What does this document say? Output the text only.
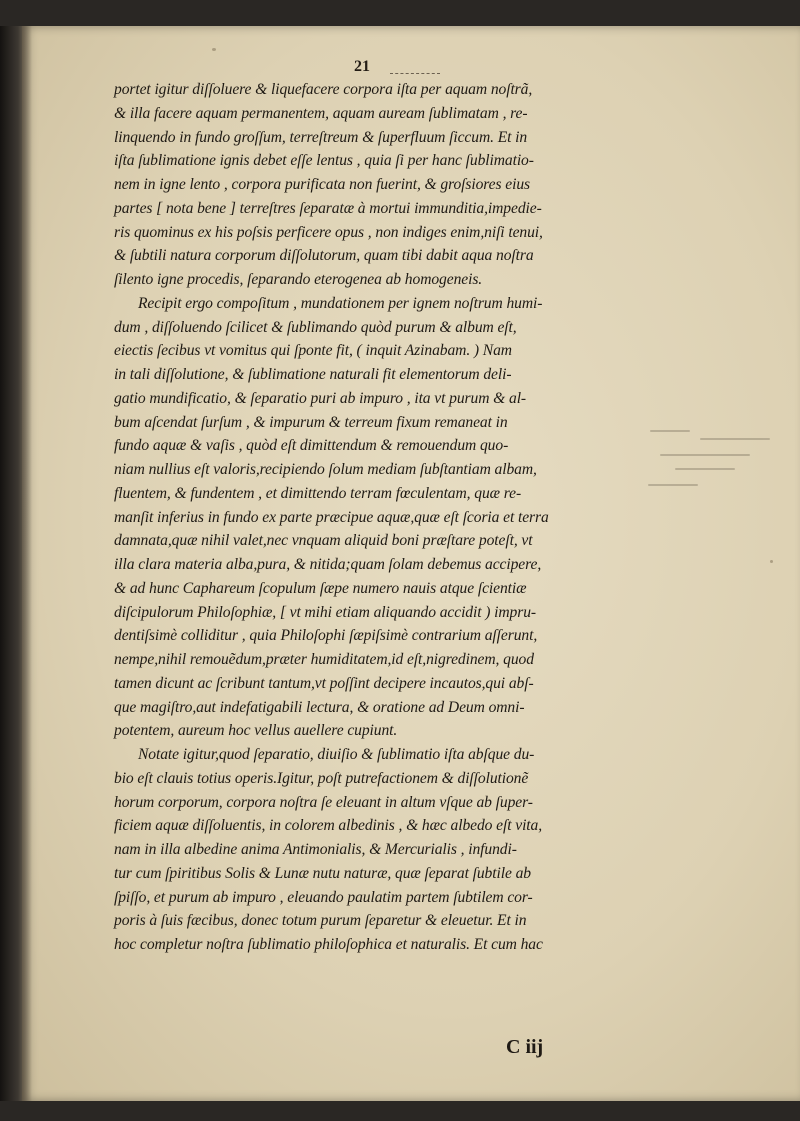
21
portet igitur diſſoluere & liquefacere corpora iſta per aquam noſtrã,
& illa facere aquam permanentem, aquam auream ſublimatam , re-
linquendo in fundo groſſum, terreſtreum & ſuperfluum ſiccum. Et in
iſta ſublimatione ignis debet eſſe lentus , quia ſi per hanc ſublimatio-
nem in igne lento , corpora purificata non fuerint, & groſsiores eius
partes [ nota bene ] terreſtres ſeparatæ à mortui immunditia,impedie-
ris quominus ex his poſsis perficere opus , non indiges enim,niſi tenui,
& ſubtili natura corporum diſſolutorum, quam tibi dabit aqua noſtra
ſilento igne procedis, ſeparando eterogenea ab homogeneis.
Recipit ergo compoſitum , mundationem per ignem noſtrum humi-
dum , diſſoluendo ſcilicet & ſublimando quòd purum & album eſt,
eiectis ſecibus vt vomitus qui ſponte fit, ( inquit Azinabam. ) Nam
in tali diſſolutione, & ſublimatione naturali fit elementorum deli-
gatio mundificatio, & ſeparatio puri ab impuro , ita vt purum & al-
bum aſcendat ſurſum , & impurum & terreum fixum remaneat in
fundo aquæ & vaſis , quòd eſt dimittendum & remouendum quo-
niam nullius eſt valoris,recipiendo ſolum mediam ſubſtantiam albam,
fluentem, & fundentem , et dimittendo terram fœculentam, quæ re-
manſit inferius in fundo ex parte præcipue aquæ,quæ eſt ſcoria et terra
damnata,quæ nihil valet,nec vnquam aliquid boni præſtare poteſt, vt
illa clara materia alba,pura, & nitida;quam ſolam debemus accipere,
& ad hunc Caphareum ſcopulum ſæpe numero nauis atque ſcientiæ
diſcipulorum Philoſophiæ, [ vt mihi etiam aliquando accidit ) impru-
dentiſsimè colliditur , quia Philoſophi ſæpiſsimè contrarium aſſerunt,
nempe,nihil remouẽdum,præter humiditatem,id eſt,nigredinem, quod
tamen dicunt ac ſcribunt tantum,vt poſſint decipere incautos,qui abſ-
que magiſtro,aut indefatigabili lectura, & oratione ad Deum omni-
potentem, aureum hoc vellus auellere cupiunt.
Notate igitur,quod ſeparatio, diuiſio & ſublimatio iſta abſque du-
bio eſt clauis totius operis.Igitur, poſt putrefactionem & diſſolutionẽ
horum corporum, corpora noſtra ſe eleuant in altum vſque ab ſuper-
ficiem aquæ diſſoluentis, in colorem albedinis , & hæc albedo eſt vita,
nam in illa albedine anima Antimonialis, & Mercurialis , infundi-
tur cum ſpiritibus Solis & Lunæ nutu naturæ, quæ ſeparat ſubtile ab
ſpiſſo, et purum ab impuro , eleuando paulatim partem ſubtilem cor-
poris à ſuis fæcibus, donec totum purum ſeparetur & eleuetur. Et in
hoc completur noſtra ſublimatio philoſophica et naturalis. Et cum hac
C iij
